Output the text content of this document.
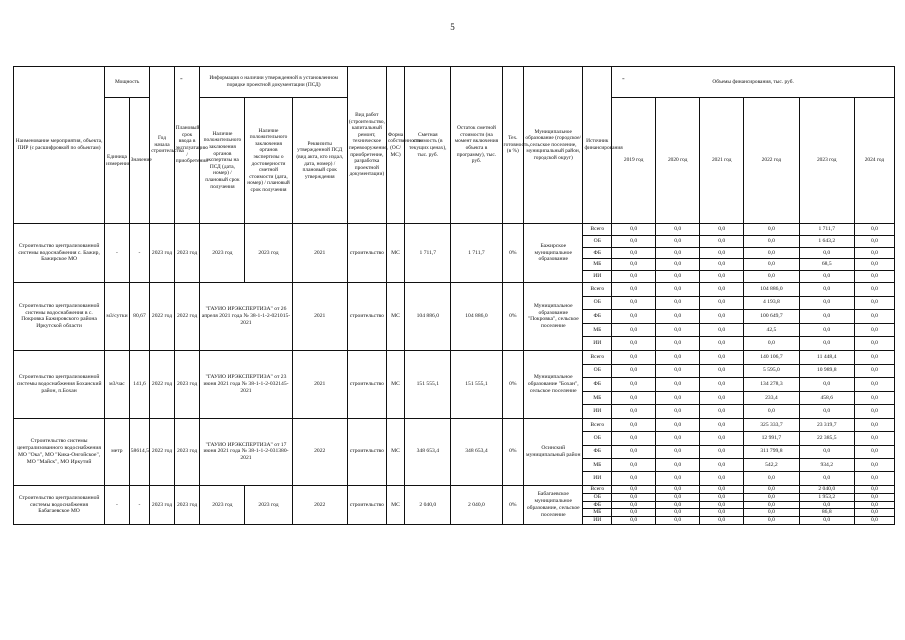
5
-	-
Наименование мероприятия, объекта, ПИР (с расшифровкой по объектам)	Мощность		Год начала строительства	Плановый срок ввода в эксплуатацию / приобретения	Информация о наличии утвержденной в установленном порядке проектной документации (ПСД)			Вид работ (строительство, капитальный ремонт, техническое перевооружение, приобретение, разработка проектной документации)	Форма собственности (ОС/МС)	Сметная стоимость (в текущих ценах), тыс. руб.	Остаток сметной стоимости (на момент включения объекта в программу), тыс. руб.	Тех. готовность, (в %)	Муниципальное образование (городское/сельское поселение, муниципальный район, городской округ)	Источник финансирования	Объемы финансирования, тыс. руб.					
	Единица измерения	Значение			Наличие положительного заключения органов экспертизы на ПСД (дата, номер) / плановый срок получения	Наличие положительного заключения органов экспертизы о достоверности сметной стоимости (дата, номер) / плановый срок получения	Реквизиты утвержденной ПСД (вид акта, кто издал, дата, номер) / плановый срок утверждения								2019 год	2020 год	2021 год	2022 год	2023 год	2024 год
Строительство централизованной системы водоснабжения с. Бажир, Бажирское МО	-	-	2023 год	2023 год	2023 год	2023 год	2021	строительство	МС	1 711,7	1 711,7	0%	Бажирское муниципальное образование	Всего	0,0	0,0	0,0	0,0	1 711,7	0,0
														ОБ	0,0	0,0	0,0	0,0	1 643,2	0,0
														ФБ	0,0	0,0	0,0	0,0	0,0	0,0
														МБ	0,0	0,0	0,0	0,0	68,5	0,0
														ИИ	0,0	0,0	0,0	0,0	0,0	0,0
Строительство централизованной системы водоснабжения в с. Покровка Бажировского района Иркутской области	м3/сутки	80,67	2022 год	2022 год	"ГАУИО ИРЭКСПЕРТИЗА" от 26 апреля 2021 года № 38-1-1-2-021015-2021		2021	строительство	МС	104 886,0	104 886,0	0%	Муниципальное образование "Покровка", сельское поселение	Всего	0,0	0,0	0,0	104 886,0	0,0	0,0
														ОБ	0,0	0,0	0,0	4 193,8	0,0	0,0
														ФБ	0,0	0,0	0,0	100 649,7	0,0	0,0
														МБ	0,0	0,0	0,0	42,5	0,0	0,0
														ИИ	0,0	0,0	0,0	0,0	0,0	0,0
Строительство централизованной системы водоснабжения Боханский район, п.Бохан	м3/час	141,6	2022 год	2023 год	"ГАУИО ИРЭКСПЕРТИЗА" от 23 июня 2021 года № 38-1-1-2-032145-2021		2021	строительство	МС	151 555,1	151 555,1	0%	Муниципальное образование "Бохан", сельское поселение	Всего	0,0	0,0	0,0	140 106,7	11 448,4	0,0
														ОБ	0,0	0,0	0,0	5 595,0	10 989,8	0,0
														ФБ	0,0	0,0	0,0	134 278,3	0,0	0,0
														МБ	0,0	0,0	0,0	233,4	458,6	0,0
														ИИ	0,0	0,0	0,0	0,0	0,0	0,0
Строительство системы централизованного водоснабжения МО "Ока", МО "Кика-Онгойское", МО "Майск", МО Иркутий	метр	58614,5	2022 год	2023 год	"ГАУИО ИРЭКСПЕРТИЗА" от 17 июня 2021 года № 38-1-1-2-031380-2021		2022	строительство	МС	348 653,4	348 653,4	0%	Осинский муниципальный район	Всего	0,0	0,0	0,0	325 333,7	23 319,7	0,0
														ОБ	0,0	0,0	0,0	12 991,7	22 385,5	0,0
														ФБ	0,0	0,0	0,0	311 799,8	0,0	0,0
														МБ	0,0	0,0	0,0	542,2	934,2	0,0
														ИИ	0,0	0,0	0,0	0,0	0,0	0,0
Строительство централизованной системы водоснабжения Бабагаевское МО	-	-	2023 год	2023 год	2023 год	2023 год	2022	строительство	МС	2 040,0	2 040,0	0%	Бабагаевское муниципальное образование, сельское поселение	Всего	0,0	0,0	0,0	0,0	2 040,0	0,0
														ОБ	0,0	0,0	0,0	0,0	1 953,2	0,0
														ФБ	0,0	0,0	0,0	0,0	0,0	0,0
														МБ	0,0	0,0	0,0	0,0	86,8	0,0
														ИИ	0,0	0,0	0,0	0,0	0,0	0,0
